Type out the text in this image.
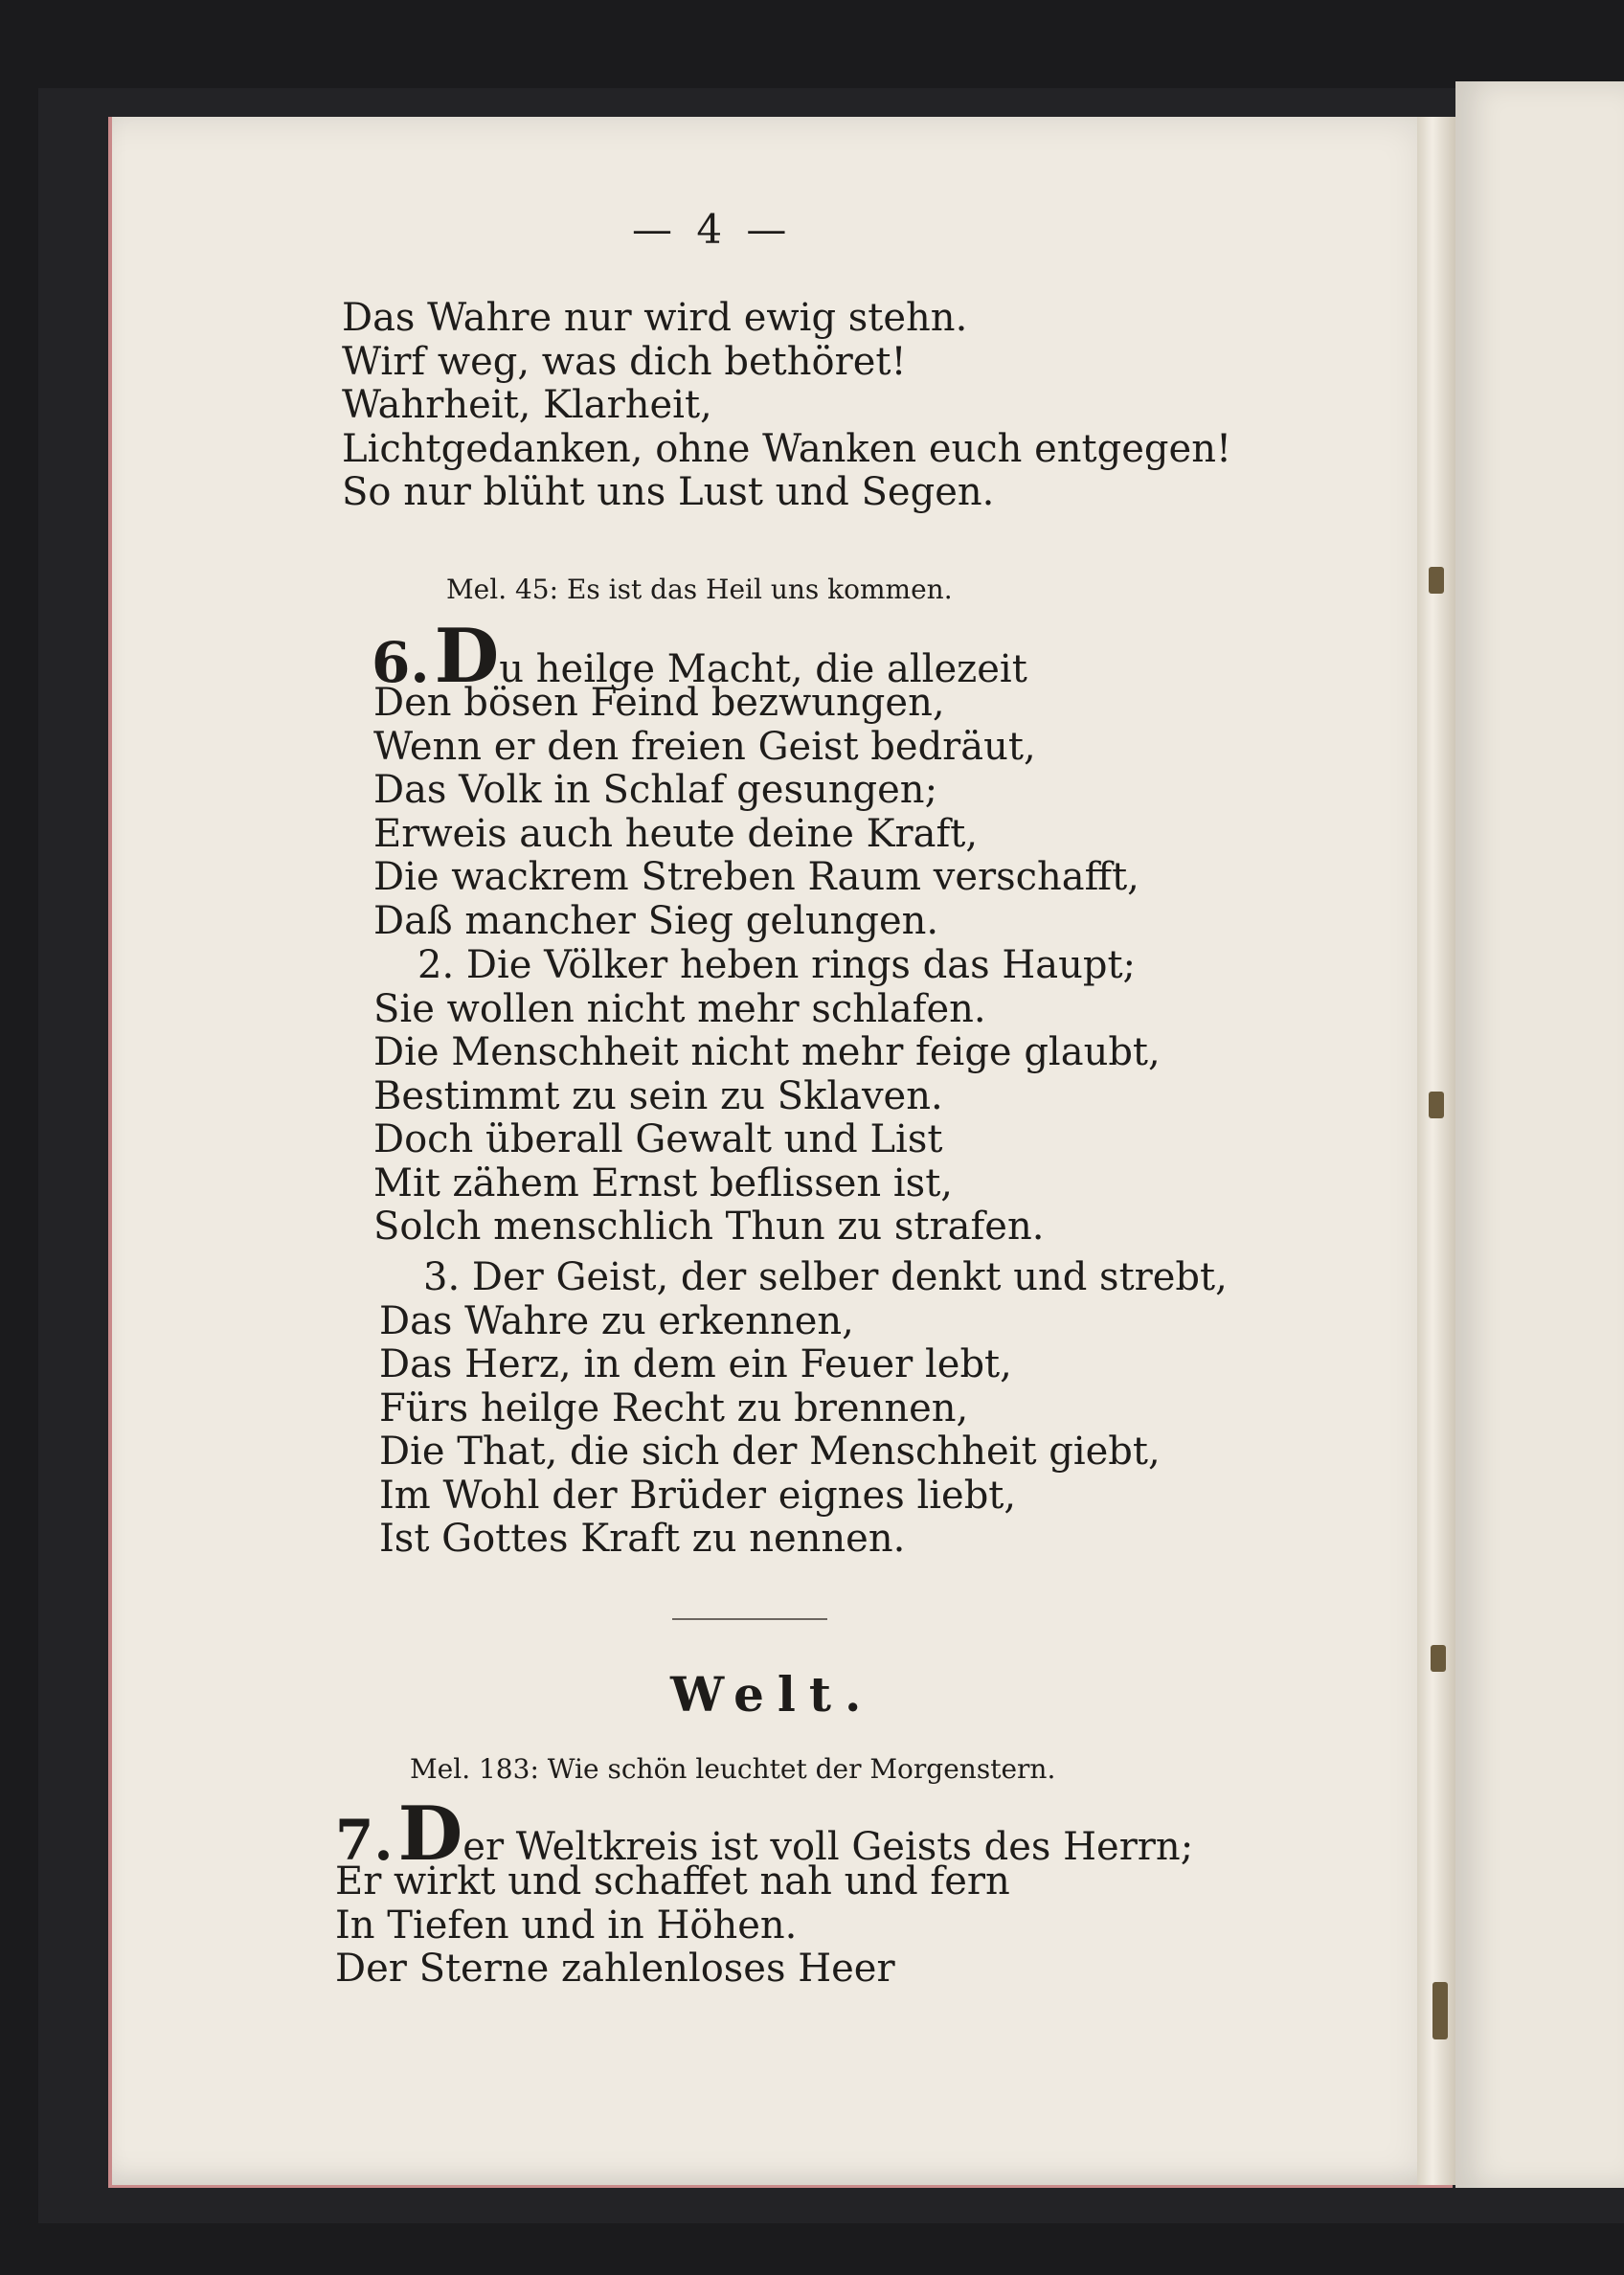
— 4 —
Das Wahre nur wird ewig stehn.
Wirf weg, was dich bethöret!
Wahrheit, Klarheit,
Lichtgedanken, ohne Wanken euch entgegen!
So nur blüht uns Lust und Segen.
Mel. 45: Es ist das Heil uns kommen.
6. Du heilge Macht, die allezeit
Den bösen Feind bezwungen,
Wenn er den freien Geist bedräut,
Das Volk in Schlaf gesungen;
Erweis auch heute deine Kraft,
Die wackrem Streben Raum verschafft,
Daß mancher Sieg gelungen.
2. Die Völker heben rings das Haupt;
Sie wollen nicht mehr schlafen.
Die Menschheit nicht mehr feige glaubt,
Bestimmt zu sein zu Sklaven.
Doch überall Gewalt und List
Mit zähem Ernst beflissen ist,
Solch menschlich Thun zu strafen.
3. Der Geist, der selber denkt und strebt,
Das Wahre zu erkennen,
Das Herz, in dem ein Feuer lebt,
Fürs heilge Recht zu brennen,
Die That, die sich der Menschheit giebt,
Im Wohl der Brüder eignes liebt,
Ist Gottes Kraft zu nennen.
Welt.
Mel. 183: Wie schön leuchtet der Morgenstern.
7. Der Weltkreis ist voll Geists des Herrn;
Er wirkt und schaffet nah und fern
In Tiefen und in Höhen.
Der Sterne zahlenloses Heer
